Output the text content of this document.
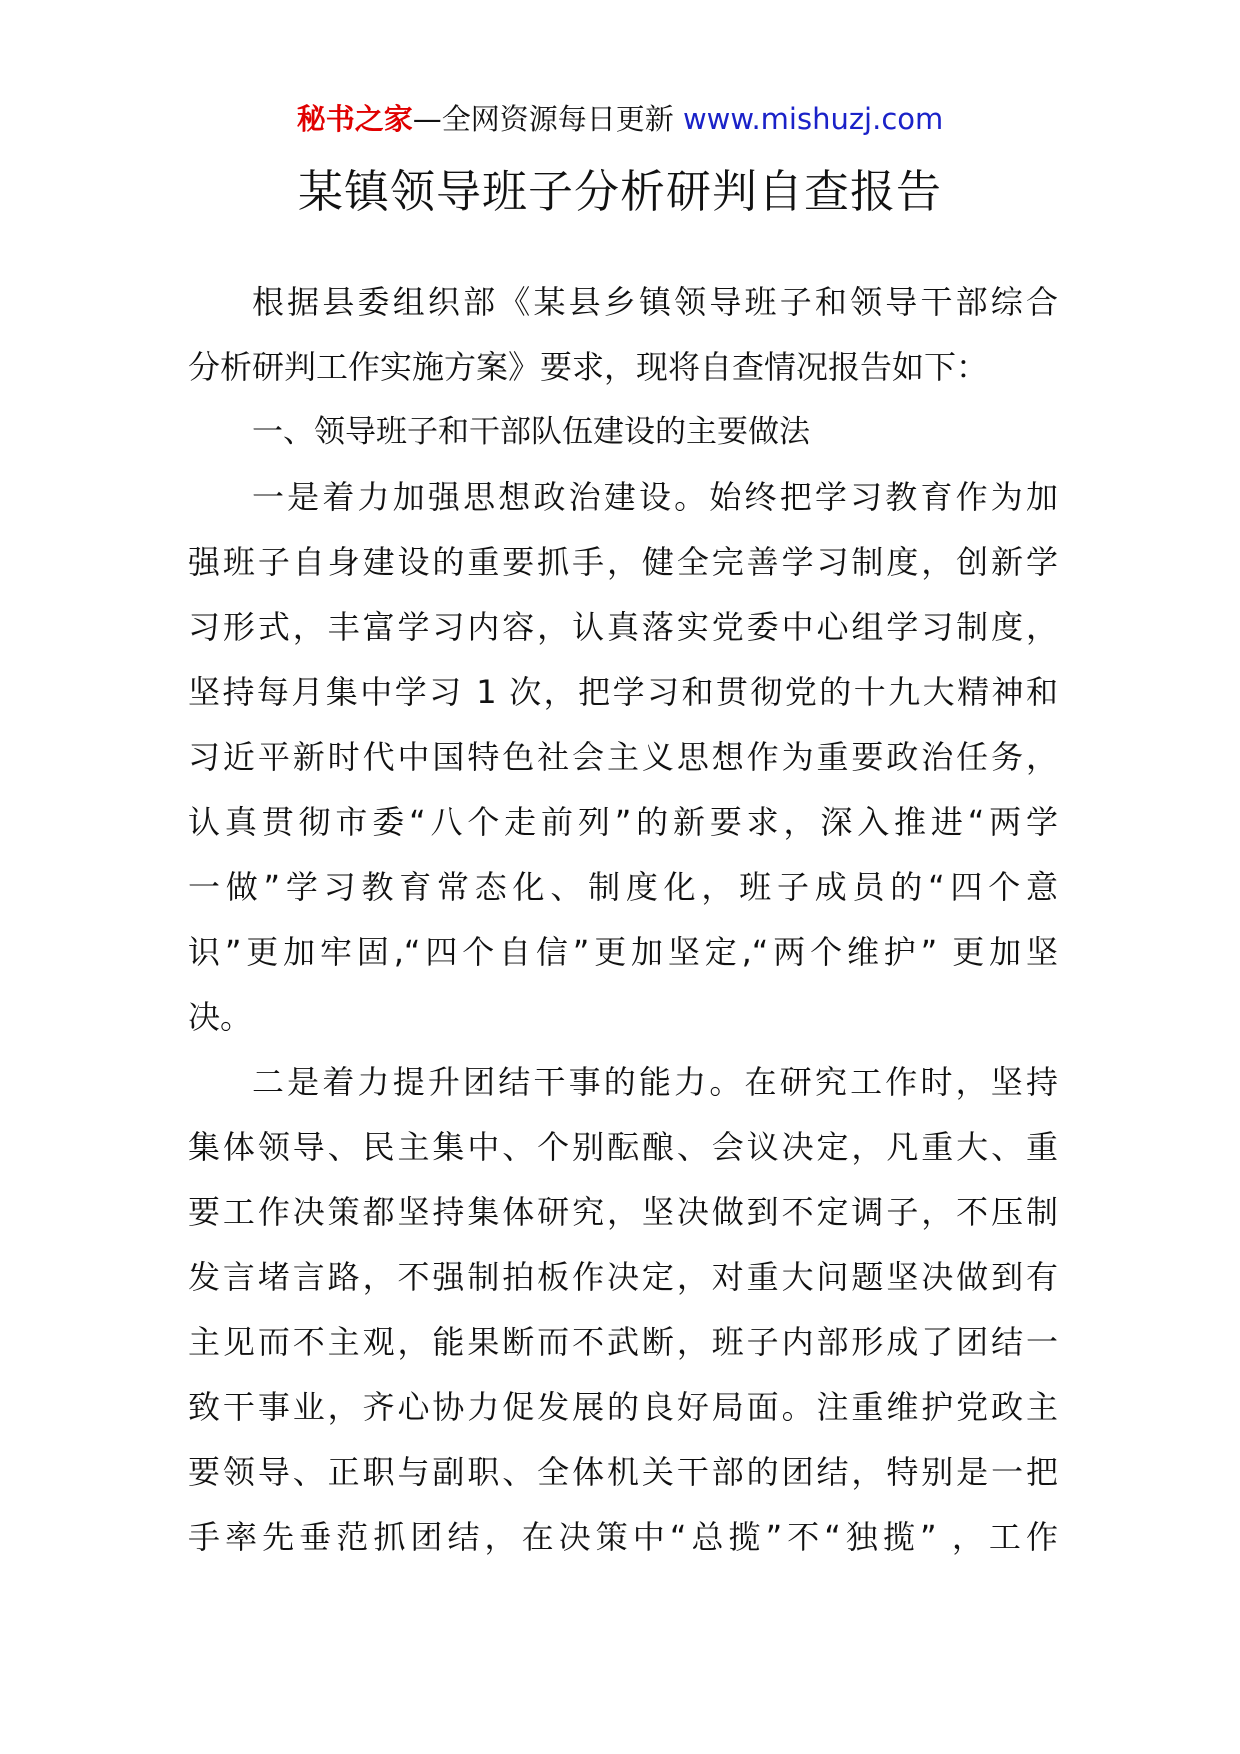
秘书之家—全网资源每日更新 www.mishuzj.com
某镇领导班子分析研判自查报告
根据县委组织部《某县乡镇领导班子和领导干部综合
分析研判工作实施方案》要求，现将自查情况报告如下：
一、领导班子和干部队伍建设的主要做法
一是着力加强思想政治建设。始终把学习教育作为加
强班子自身建设的重要抓手，健全完善学习制度，创新学
习形式，丰富学习内容，认真落实党委中心组学习制度，
坚持每月集中学习 1 次，把学习和贯彻党的十九大精神和
习近平新时代中国特色社会主义思想作为重要政治任务，
认真贯彻市委“八个走前列”的新要求，深入推进“两学
一做”学习教育常态化、制度化，班子成员的“四个意
识”更加牢固,“四个自信”更加坚定,“两个维护” 更加坚
决。
二是着力提升团结干事的能力。在研究工作时，坚持
集体领导、民主集中、个别酝酿、会议决定，凡重大、重
要工作决策都坚持集体研究，坚决做到不定调子，不压制
发言堵言路，不强制拍板作决定，对重大问题坚决做到有
主见而不主观，能果断而不武断，班子内部形成了团结一
致干事业，齐心协力促发展的良好局面。注重维护党政主
要领导、正职与副职、全体机关干部的团结，特别是一把
手率先垂范抓团结，在决策中“总揽”不“独揽” ，工作
